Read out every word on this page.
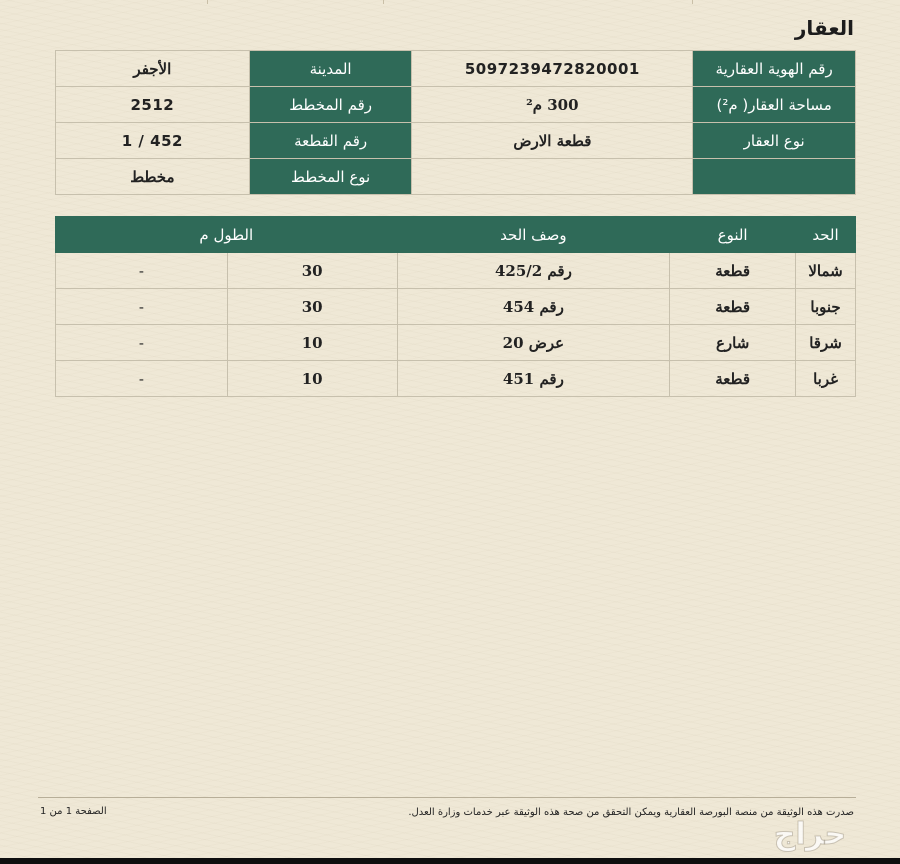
العقار
رقم الهوية العقارية	5097239472820001	المدينة	الأجفر
مساحة العقار( م²)	300 م²	رقم المخطط	2512
نوع العقار	قطعة الارض	رقم القطعة	1 / 452
		نوع المخطط	مخطط
الحد	النوع	وصف الحد	الطول م	
شمالا	قطعة	رقم 425/2	30	-
جنوبا	قطعة	رقم 454	30	-
شرقا	شارع	عرض 20	10	-
غربا	قطعة	رقم 451	10	-
صدرت هذه الوثيقة من منصة البورصة العقارية ويمكن التحقق من صحة هذه الوثيقة عبر خدمات وزارة العدل.
الصفحة 1 من 1
حراج
